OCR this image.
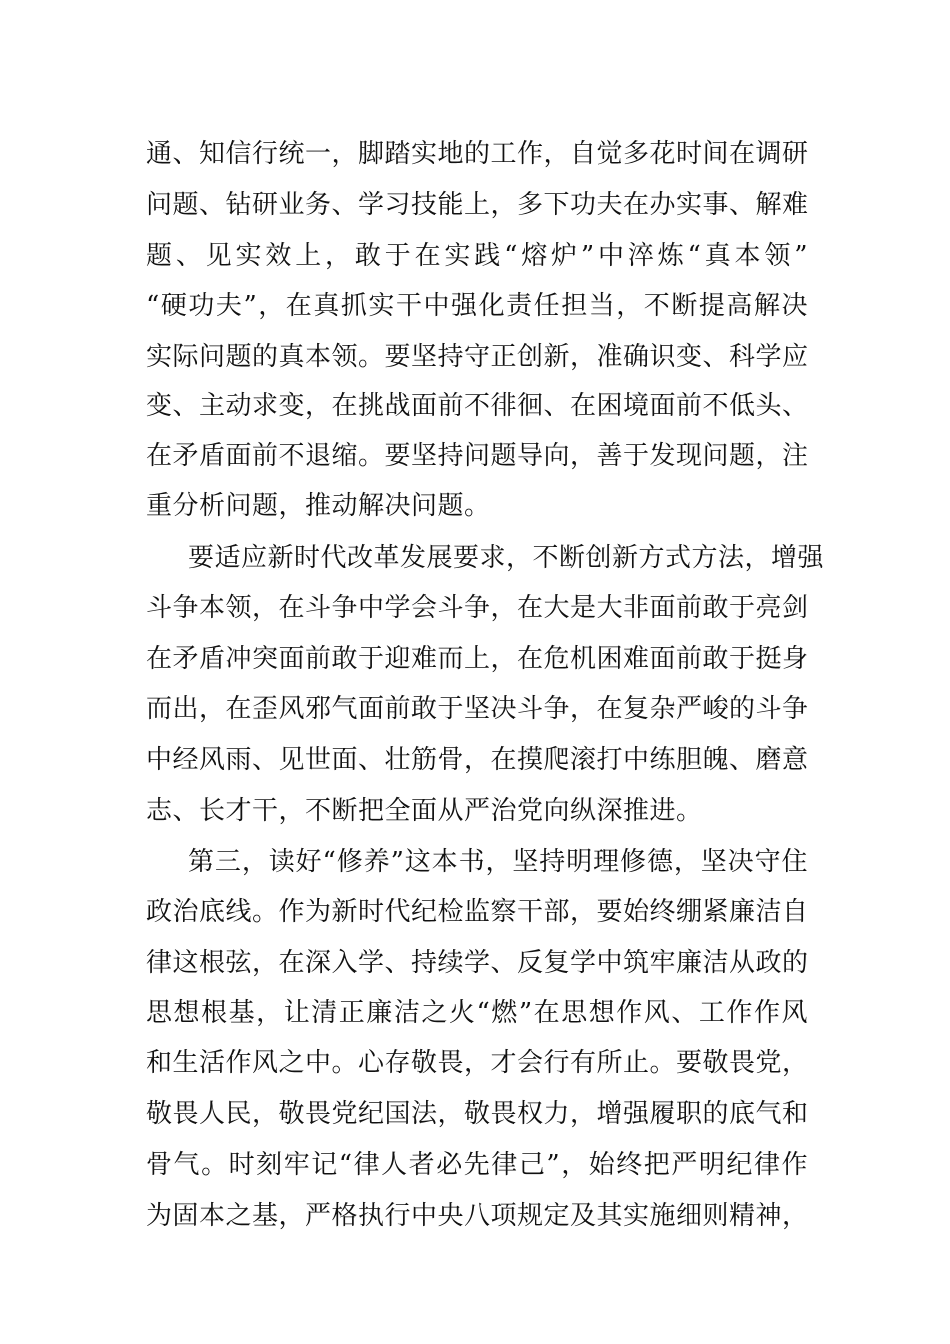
通、知信行统一，脚踏实地的工作，自觉多花时间在调研
问题、钻研业务、学习技能上，多下功夫在办实事、解难
题、见实效上，敢于在实践“熔炉”中淬炼“真本领”
“硬功夫”，在真抓实干中强化责任担当，不断提高解决
实际问题的真本领。要坚持守正创新，准确识变、科学应
变、主动求变，在挑战面前不徘徊、在困境面前不低头、
在矛盾面前不退缩。要坚持问题导向，善于发现问题，注
重分析问题，推动解决问题。
要适应新时代改革发展要求，不断创新方式方法，增强
斗争本领，在斗争中学会斗争，在大是大非面前敢于亮剑
在矛盾冲突面前敢于迎难而上，在危机困难面前敢于挺身
而出，在歪风邪气面前敢于坚决斗争，在复杂严峻的斗争
中经风雨、见世面、壮筋骨，在摸爬滚打中练胆魄、磨意
志、长才干，不断把全面从严治党向纵深推进。
第三，读好“修养”这本书，坚持明理修德，坚决守住
政治底线。作为新时代纪检监察干部，要始终绷紧廉洁自
律这根弦，在深入学、持续学、反复学中筑牢廉洁从政的
思想根基，让清正廉洁之火“燃”在思想作风、工作作风
和生活作风之中。心存敬畏，才会行有所止。要敬畏党，
敬畏人民，敬畏党纪国法，敬畏权力，增强履职的底气和
骨气。时刻牢记“律人者必先律己”，始终把严明纪律作
为固本之基，严格执行中央八项规定及其实施细则精神，
